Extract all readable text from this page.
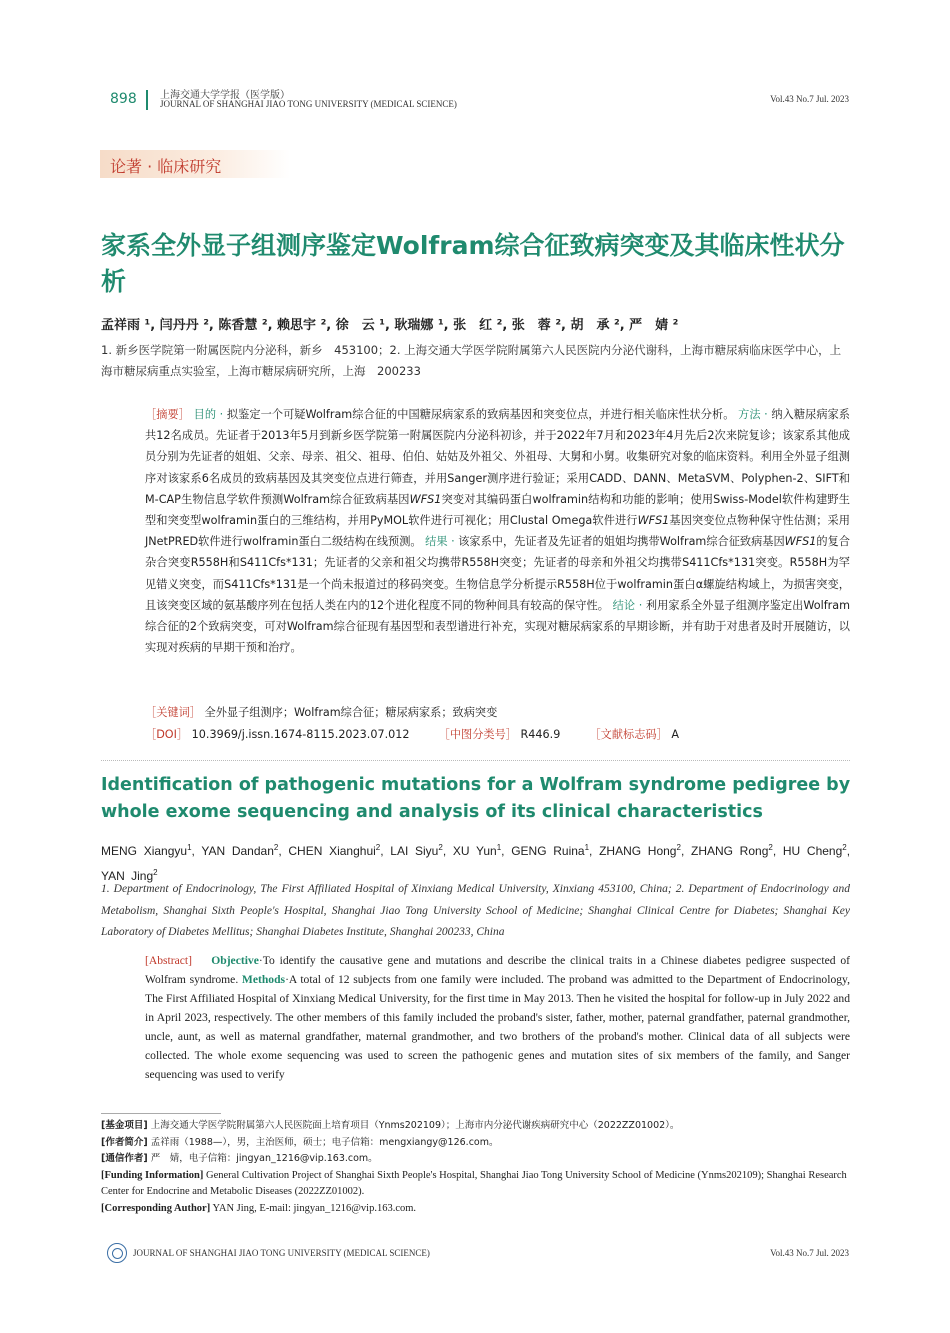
898 上海交通大学学报（医学版）
JOURNAL OF SHANGHAI JIAO TONG UNIVERSITY (MEDICAL SCIENCE)	Vol.43 No.7 Jul. 2023
论著 · 临床研究
家系全外显子组测序鉴定Wolfram综合征致病突变及其临床性状分析
孟祥雨 ¹, 闫丹丹 ², 陈香慧 ², 赖思宇 ², 徐　云 ¹, 耿瑞娜 ¹, 张　红 ², 张　蓉 ², 胡　承 ², 严　婧 ²
1. 新乡医学院第一附属医院内分泌科，新乡　453100；2. 上海交通大学医学院附属第六人民医院内分泌代谢科，上海市糖尿病临床医学中心，上海市糖尿病重点实验室，上海市糖尿病研究所，上海　200233
［摘要］ 目的 · 拟鉴定一个可疑Wolfram综合征的中国糖尿病家系的致病基因和突变位点，并进行相关临床性状分析。 方法 · 纳入糖尿病家系共12名成员。先证者于2013年5月到新乡医学院第一附属医院内分泌科初诊，并于2022年7月和2023年4月先后2次来院复诊；该家系其他成员分别为先证者的姐姐、父亲、母亲、祖父、祖母、伯伯、姑姑及外祖父、外祖母、大舅和小舅。收集研究对象的临床资料。利用全外显子组测序对该家系6名成员的致病基因及其突变位点进行筛查，并用Sanger测序进行验证；采用CADD、DANN、MetaSVM、Polyphen-2、SIFT和M-CAP生物信息学软件预测Wolfram综合征致病基因WFS1突变对其编码蛋白wolframin结构和功能的影响；使用Swiss-Model软件构建野生型和突变型wolframin蛋白的三维结构，并用PyMOL软件进行可视化；用Clustal Omega软件进行WFS1基因突变位点物种保守性估测；采用JNetPRED软件进行wolframin蛋白二级结构在线预测。 结果 · 该家系中，先证者及先证者的姐姐均携带Wolfram综合征致病基因WFS1的复合杂合突变R558H和S411Cfs*131；先证者的父亲和祖父均携带R558H突变；先证者的母亲和外祖父均携带S411Cfs*131突变。R558H为罕见错义突变，而S411Cfs*131是一个尚未报道过的移码突变。生物信息学分析提示R558H位于wolframin蛋白α螺旋结构域上，为损害突变，且该突变区域的氨基酸序列在包括人类在内的12个进化程度不同的物种间具有较高的保守性。 结论 · 利用家系全外显子组测序鉴定出Wolfram综合征的2个致病突变，可对Wolfram综合征现有基因型和表型谱进行补充，实现对糖尿病家系的早期诊断，并有助于对患者及时开展随访，以实现对疾病的早期干预和治疗。
［关键词］ 全外显子组测序；Wolfram综合征；糖尿病家系；致病突变
［DOI］ 10.3969/j.issn.1674-8115.2023.07.012	［中图分类号］ R446.9	［文献标志码］ A
Identification of pathogenic mutations for a Wolfram syndrome pedigree by whole exome sequencing and analysis of its clinical characteristics
MENG Xiangyu$^1$, YAN Dandan$^2$, CHEN Xianghui$^2$, LAI Siyu$^2$, XU Yun$^1$, GENG Ruina$^1$, ZHANG Hong$^2$, ZHANG Rong$^2$, HU Cheng$^2$, YAN Jing$^2$
1. Department of Endocrinology, The First Affiliated Hospital of Xinxiang Medical University, Xinxiang 453100, China; 2. Department of Endocrinology and Metabolism, Shanghai Sixth People's Hospital, Shanghai Jiao Tong University School of Medicine; Shanghai Clinical Centre for Diabetes; Shanghai Key Laboratory of Diabetes Mellitus; Shanghai Diabetes Institute, Shanghai 200233, China
[Abstract] Objective·To identify the causative gene and mutations and describe the clinical traits in a Chinese diabetes pedigree suspected of Wolfram syndrome. Methods·A total of 12 subjects from one family were included. The proband was admitted to the Department of Endocrinology, The First Affiliated Hospital of Xinxiang Medical University, for the first time in May 2013. Then he visited the hospital for follow-up in July 2022 and in April 2023, respectively. The other members of this family included the proband's sister, father, mother, paternal grandfather, paternal grandmother, uncle, aunt, as well as maternal grandfather, maternal grandmother, and two brothers of the proband's mother. Clinical data of all subjects were collected. The whole exome sequencing was used to screen the pathogenic genes and mutation sites of six members of the family, and Sanger sequencing was used to verify
[基金项目] 上海交通大学医学院附属第六人民医院面上培育项目（Ynms202109）；上海市内分泌代谢疾病研究中心（2022ZZ01002）。
[作者简介] 孟祥雨（1988—），男，主治医师，硕士；电子信箱：mengxiangy@126.com。
[通信作者] 严　婧，电子信箱：jingyan_1216@vip.163.com。
[Funding Information] General Cultivation Project of Shanghai Sixth People's Hospital, Shanghai Jiao Tong University School of Medicine (Ynms202109); Shanghai Research Center for Endocrine and Metabolic Diseases (2022ZZ01002).
[Corresponding Author] YAN Jing, E-mail: jingyan_1216@vip.163.com.
JOURNAL OF SHANGHAI JIAO TONG UNIVERSITY (MEDICAL SCIENCE)	Vol.43 No.7 Jul. 2023
